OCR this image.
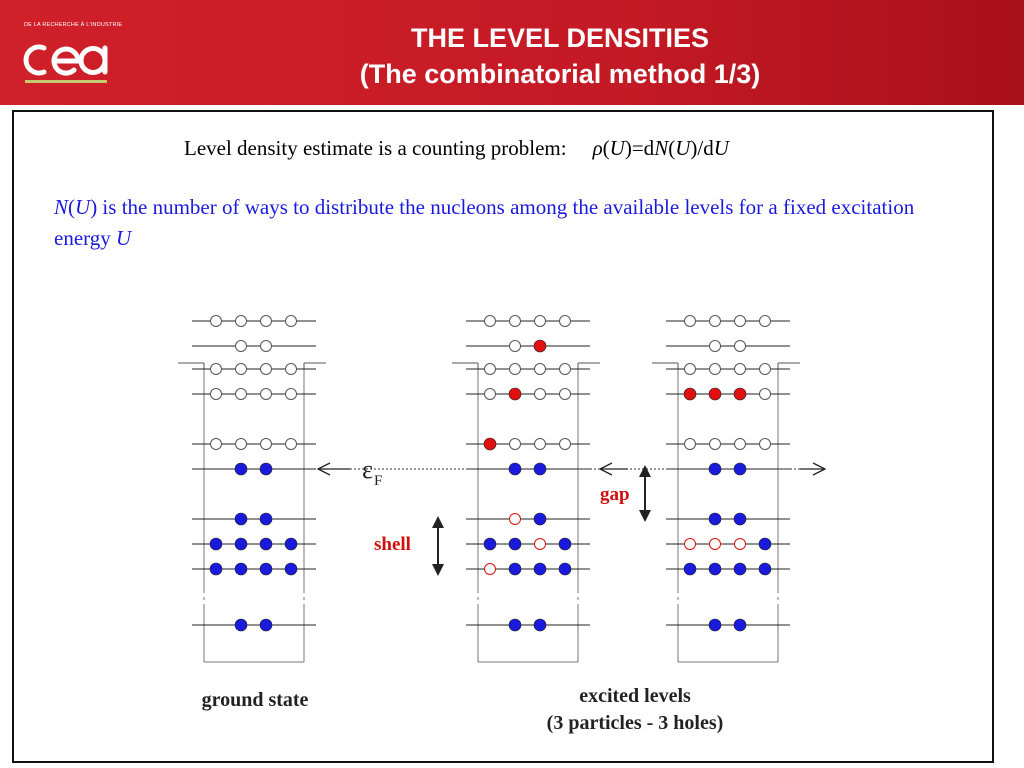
DE LA RECHERCHE À L'INDUSTRIE	THE LEVEL DENSITIES
(The combinatorial method 1/3)
Level density estimate is a counting problem: ρ(U)=dN(U)/dU
N(U) is the number of ways to distribute the nucleons among the available levels for a fixed excitation energy U
ε F
shell
gap
ground state	excited levels
(3 particles - 3 holes)
